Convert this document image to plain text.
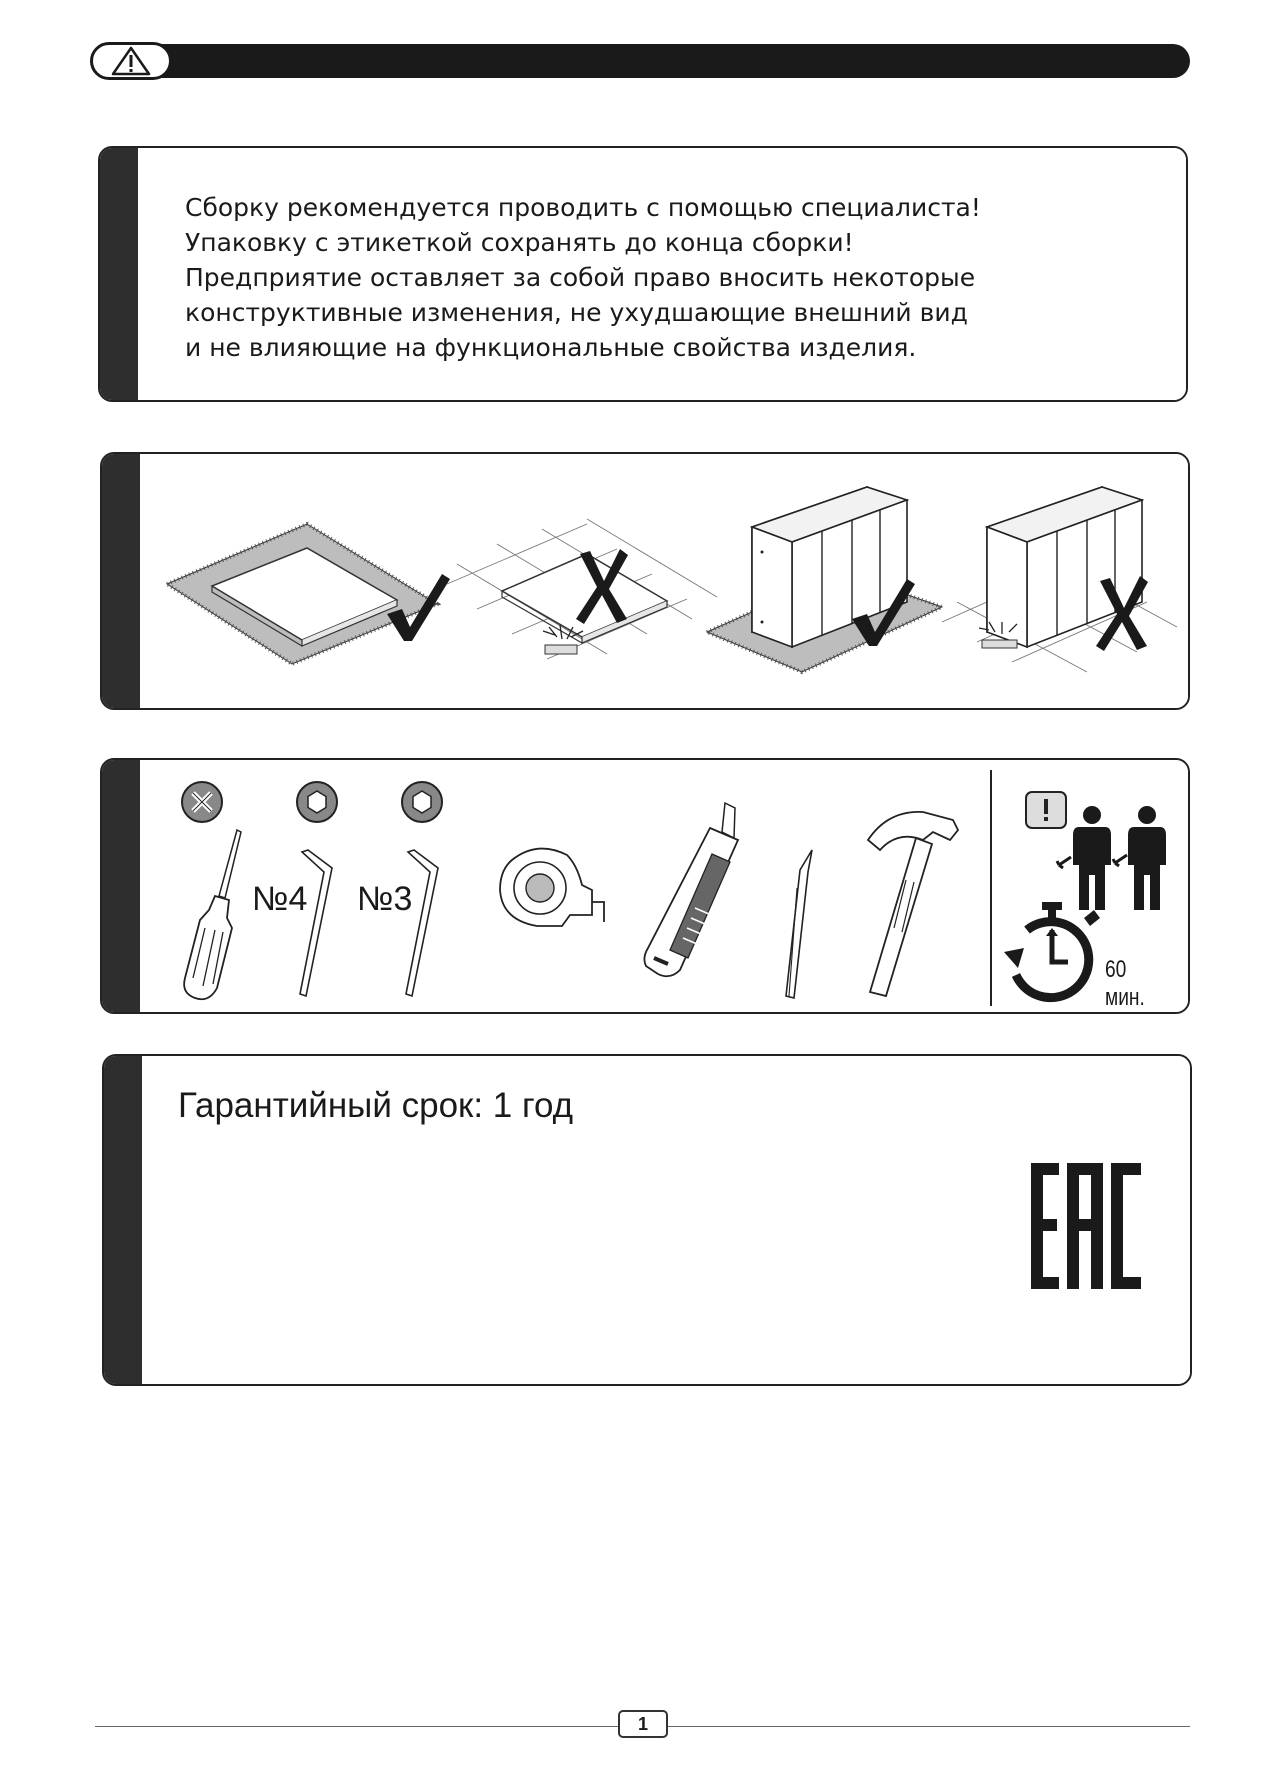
Сборку рекомендуется проводить с помощью специалиста!
Упаковку с этикеткой сохранять до конца сборки!
Предприятие оставляет за собой право вносить некоторые
конструктивные изменения, не ухудшающие внешний вид
и не влияющие на функциональные свойства изделия.
№4 №3
60 мин.
Гарантийный срок: 1 год
1
